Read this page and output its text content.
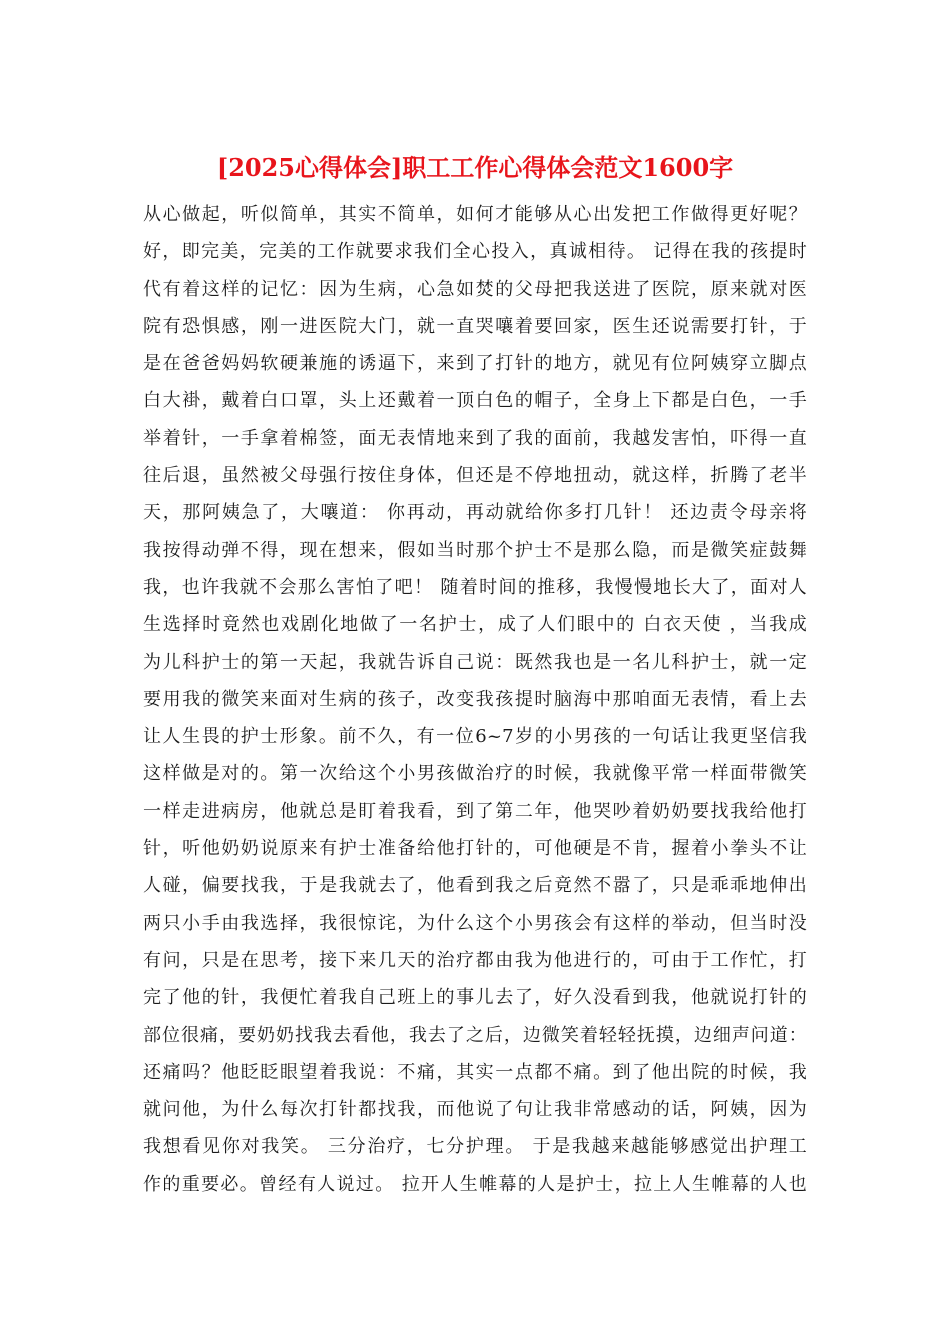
[2025心得体会]职工工作心得体会范文1600字
从心做起，听似简单，其实不简单，如何才能够从心出发把工作做得更好呢？
好，即完美，完美的工作就要求我们全心投入，真诚相待。 记得在我的孩提时
代有着这样的记忆：因为生病，心急如焚的父母把我送进了医院，原来就对医
院有恐惧感，刚一进医院大门，就一直哭嚷着要回家，医生还说需要打针，于
是在爸爸妈妈软硬兼施的诱逼下，来到了打针的地方，就见有位阿姨穿立脚点
白大褂，戴着白口罩，头上还戴着一顶白色的帽子，全身上下都是白色，一手
举着针，一手拿着棉签，面无表情地来到了我的面前，我越发害怕，吓得一直
往后退，虽然被父母强行按住身体，但还是不停地扭动，就这样，折腾了老半
天，那阿姨急了，大嚷道： 你再动，再动就给你多打几针！ 还边责令母亲将
我按得动弹不得，现在想来，假如当时那个护士不是那么隐，而是微笑症鼓舞
我，也许我就不会那么害怕了吧！ 随着时间的推移，我慢慢地长大了，面对人
生选择时竟然也戏剧化地做了一名护士，成了人们眼中的 白衣天使 ，当我成
为儿科护士的第一天起，我就告诉自己说：既然我也是一名儿科护士，就一定
要用我的微笑来面对生病的孩子，改变我孩提时脑海中那咱面无表情，看上去
让人生畏的护士形象。前不久，有一位6~7岁的小男孩的一句话让我更坚信我
这样做是对的。第一次给这个小男孩做治疗的时候，我就像平常一样面带微笑
一样走进病房，他就总是盯着我看，到了第二年，他哭吵着奶奶要找我给他打
针，听他奶奶说原来有护士准备给他打针的，可他硬是不肯，握着小拳头不让
人碰，偏要找我，于是我就去了，他看到我之后竟然不嚣了，只是乖乖地伸出
两只小手由我选择，我很惊诧，为什么这个小男孩会有这样的举动，但当时没
有问，只是在思考，接下来几天的治疗都由我为他进行的，可由于工作忙，打
完了他的针，我便忙着我自己班上的事儿去了，好久没看到我，他就说打针的
部位很痛，要奶奶找我去看他，我去了之后，边微笑着轻轻抚摸，边细声问道：
还痛吗？他眨眨眼望着我说：不痛，其实一点都不痛。到了他出院的时候，我
就问他，为什么每次打针都找我，而他说了句让我非常感动的话，阿姨，因为
我想看见你对我笑。 三分治疗，七分护理。 于是我越来越能够感觉出护理工
作的重要必。曾经有人说过。 拉开人生帷幕的人是护士，拉上人生帷幕的人也
